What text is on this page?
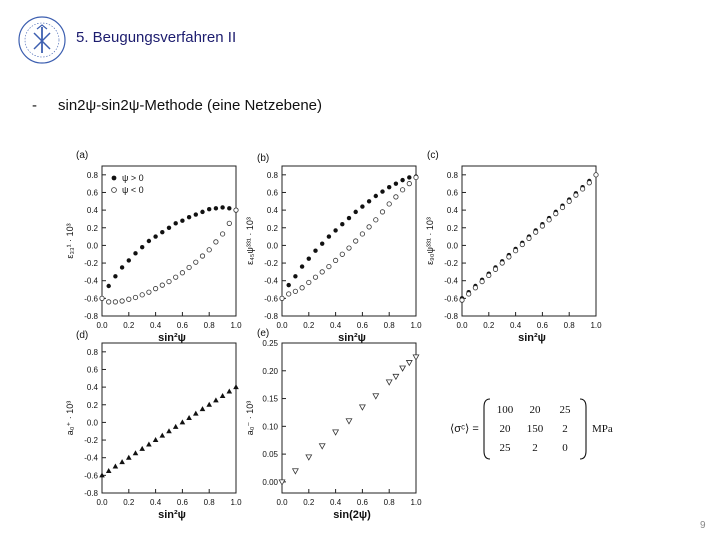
5. Beugungsverfahren II
- sin2ψ-sin2ψ-Methode (eine Netzebene)
-0.8
-0.6
-0.4
-0.2
0.0
0.2
0.4
0.6
0.8
0.0 0.2 0.4 0.6 0.8 1.0
(a)
sin²ψ
ε₃₃¹ · 10³
ψ > 0
ψ < 0
-0.8
-0.6
-0.4
-0.2
0.0
0.2
0.4
0.6
0.8
0.0 0.2 0.4 0.6 0.8 1.0
(b)
sin²ψ
ε₄₅ψ³³¹ · 10³
-0.8
-0.6
-0.4
-0.2
0.0
0.2
0.4
0.6
0.8
0.0 0.2 0.4 0.6 0.8 1.0
(c)
sin²ψ
ε₉₀ψ³³¹ · 10³
-0.8
-0.6
-0.4
-0.2
0.0
0.2
0.4
0.6
0.8
0.0 0.2 0.4 0.6 0.8 1.0
(d)
sin²ψ
a₀⁺ · 10³
0.00
0.05
0.10
0.15
0.20
0.25
0.0 0.2 0.4 0.6 0.8 1.0
(e)
sin(2ψ)
a₀⁻ · 10³	⟨σᶜ⟩ =
100 20 25
20 150 2
25 2 0
MPa
9
